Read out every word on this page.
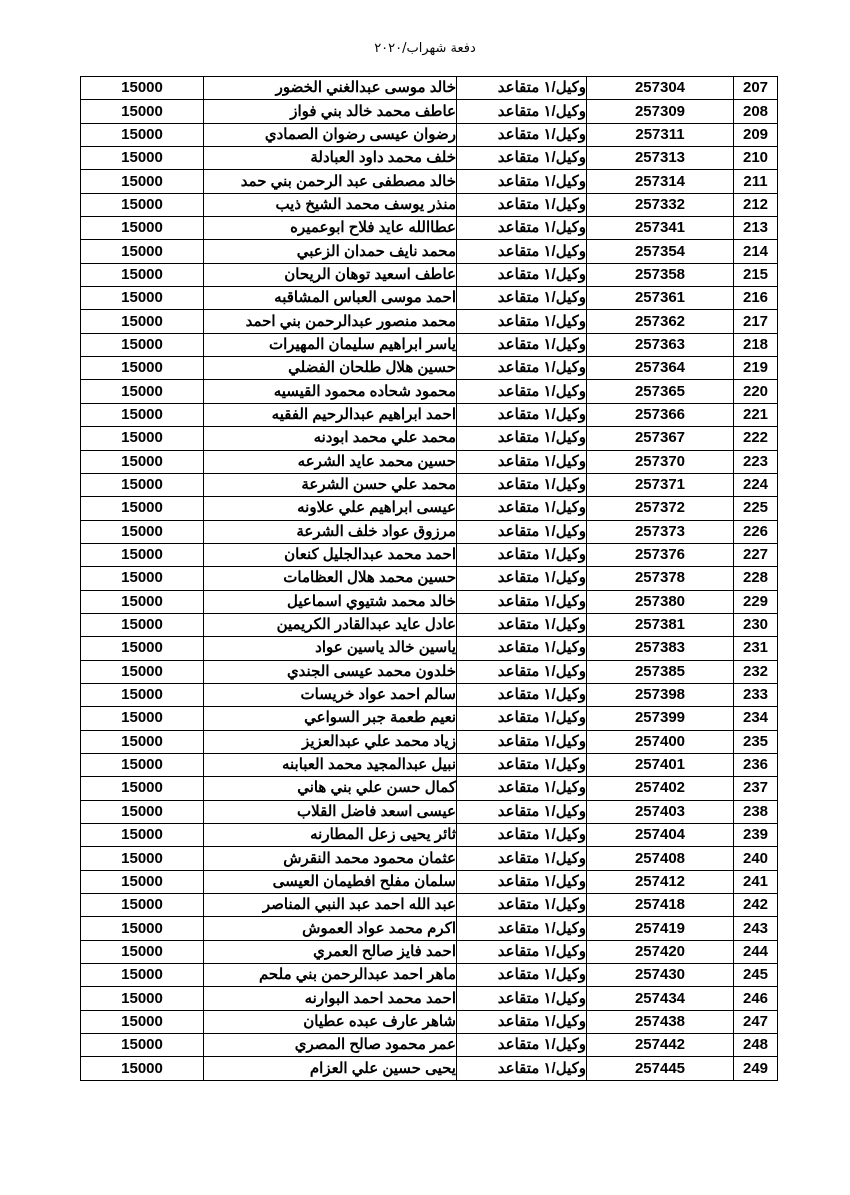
دفعة شهراب/٢٠٢٠
15000	خالد موسى عبدالغني الخضور	وكيل/١ متقاعد	257304	207
15000	عاطف محمد خالد بني فواز	وكيل/١ متقاعد	257309	208
15000	رضوان عيسى رضوان الصمادي	وكيل/١ متقاعد	257311	209
15000	خلف محمد داود العبادلة	وكيل/١ متقاعد	257313	210
15000	خالد مصطفى عبد الرحمن بني حمد	وكيل/١ متقاعد	257314	211
15000	منذر يوسف محمد الشيخ ذيب	وكيل/١ متقاعد	257332	212
15000	عطاالله عايد فلاح ابوعميره	وكيل/١ متقاعد	257341	213
15000	محمد نايف حمدان الزعبي	وكيل/١ متقاعد	257354	214
15000	عاطف اسعيد توهان الريحان	وكيل/١ متقاعد	257358	215
15000	احمد موسى العباس المشاقبه	وكيل/١ متقاعد	257361	216
15000	محمد منصور عبدالرحمن بني احمد	وكيل/١ متقاعد	257362	217
15000	ياسر ابراهيم سليمان المهيرات	وكيل/١ متقاعد	257363	218
15000	حسين هلال طلحان الفضلي	وكيل/١ متقاعد	257364	219
15000	محمود شحاده محمود القيسيه	وكيل/١ متقاعد	257365	220
15000	احمد ابراهيم عبدالرحيم الفقيه	وكيل/١ متقاعد	257366	221
15000	محمد علي محمد ابودنه	وكيل/١ متقاعد	257367	222
15000	حسين محمد عايد الشرعه	وكيل/١ متقاعد	257370	223
15000	محمد علي حسن الشرعة	وكيل/١ متقاعد	257371	224
15000	عيسى ابراهيم علي علاونه	وكيل/١ متقاعد	257372	225
15000	مرزوق عواد خلف الشرعة	وكيل/١ متقاعد	257373	226
15000	احمد محمد عبدالجليل كنعان	وكيل/١ متقاعد	257376	227
15000	حسين محمد هلال العظامات	وكيل/١ متقاعد	257378	228
15000	خالد محمد شتيوي اسماعيل	وكيل/١ متقاعد	257380	229
15000	عادل عايد عبدالقادر الكريمين	وكيل/١ متقاعد	257381	230
15000	ياسين خالد ياسين عواد	وكيل/١ متقاعد	257383	231
15000	خلدون محمد عيسى الجندي	وكيل/١ متقاعد	257385	232
15000	سالم احمد عواد خريسات	وكيل/١ متقاعد	257398	233
15000	نعيم طعمة جبر السواعي	وكيل/١ متقاعد	257399	234
15000	زياد محمد علي عبدالعزيز	وكيل/١ متقاعد	257400	235
15000	نبيل عبدالمجيد محمد العبابنه	وكيل/١ متقاعد	257401	236
15000	كمال حسن علي بني هاني	وكيل/١ متقاعد	257402	237
15000	عيسى اسعد فاضل القلاب	وكيل/١ متقاعد	257403	238
15000	ثائر يحيى زعل المطارنه	وكيل/١ متقاعد	257404	239
15000	عثمان محمود محمد النقرش	وكيل/١ متقاعد	257408	240
15000	سلمان مفلح افطيمان العيسى	وكيل/١ متقاعد	257412	241
15000	عبد الله احمد عبد النبي المناصر	وكيل/١ متقاعد	257418	242
15000	اكرم محمد عواد العموش	وكيل/١ متقاعد	257419	243
15000	احمد فايز صالح العمري	وكيل/١ متقاعد	257420	244
15000	ماهر احمد عبدالرحمن بني ملحم	وكيل/١ متقاعد	257430	245
15000	احمد محمد احمد البوارنه	وكيل/١ متقاعد	257434	246
15000	شاهر عارف عبده عطيان	وكيل/١ متقاعد	257438	247
15000	عمر محمود صالح المصري	وكيل/١ متقاعد	257442	248
15000	يحيى حسين علي العزام	وكيل/١ متقاعد	257445	249
